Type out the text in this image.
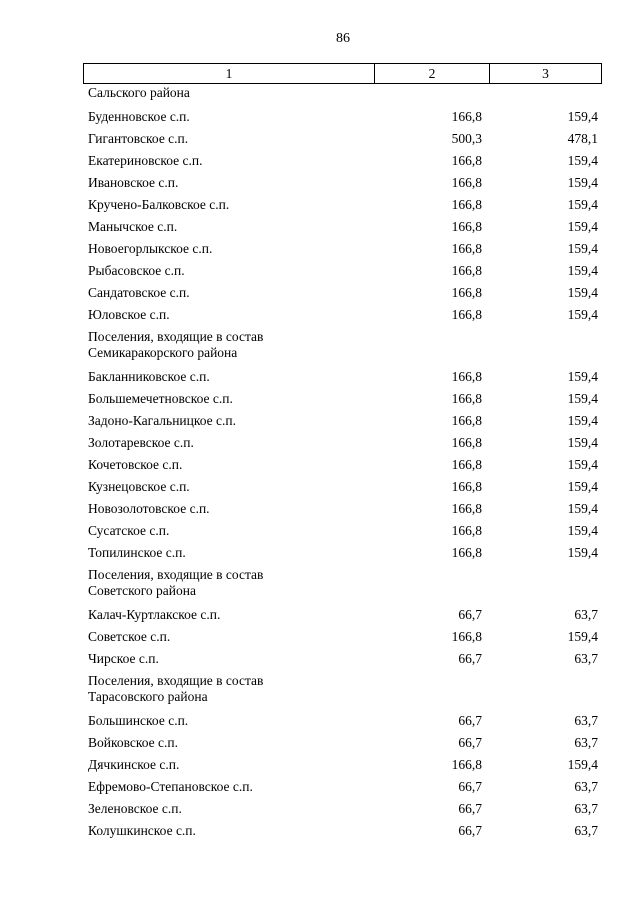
86
1	2	3
Сальского района
Буденновское с.п.	166,8	159,4
Гигантовское с.п.	500,3	478,1
Екатериновское с.п.	166,8	159,4
Ивановское с.п.	166,8	159,4
Кручено-Балковское с.п.	166,8	159,4
Манычское с.п.	166,8	159,4
Новоегорлыкское с.п.	166,8	159,4
Рыбасовское с.п.	166,8	159,4
Сандатовское с.п.	166,8	159,4
Юловское с.п.	166,8	159,4
Поселения, входящие в состав
Семикаракорского района
Бакланниковское с.п.	166,8	159,4
Большемечетновское с.п.	166,8	159,4
Задоно-Кагальницкое с.п.	166,8	159,4
Золотаревское с.п.	166,8	159,4
Кочетовское с.п.	166,8	159,4
Кузнецовское с.п.	166,8	159,4
Новозолотовское с.п.	166,8	159,4
Сусатское с.п.	166,8	159,4
Топилинское с.п.	166,8	159,4
Поселения, входящие в состав
Советского района
Калач-Куртлакское с.п.	66,7	63,7
Советское с.п.	166,8	159,4
Чирское с.п.	66,7	63,7
Поселения, входящие в состав
Тарасовского района
Большинское с.п.	66,7	63,7
Войковское с.п.	66,7	63,7
Дячкинское с.п.	166,8	159,4
Ефремово-Степановское с.п.	66,7	63,7
Зеленовское с.п.	66,7	63,7
Колушкинское с.п.	66,7	63,7
